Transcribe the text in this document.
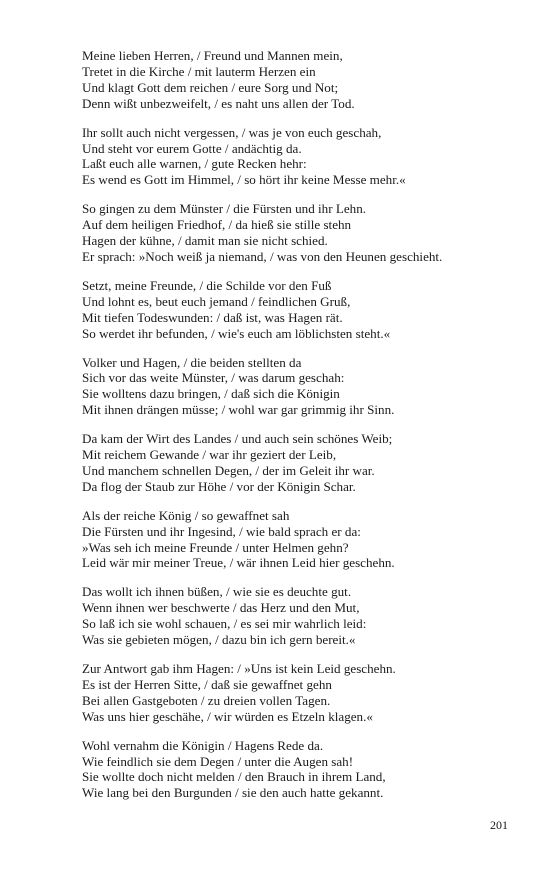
Meine lieben Herren, / Freund und Mannen mein,
Tretet in die Kirche / mit lauterm Herzen ein
Und klagt Gott dem reichen / eure Sorg und Not;
Denn wißt unbezweifelt, / es naht uns allen der Tod.
Ihr sollt auch nicht vergessen, / was je von euch geschah,
Und steht vor eurem Gotte / andächtig da.
Laßt euch alle warnen, / gute Recken hehr:
Es wend es Gott im Himmel, / so hört ihr keine Messe mehr.«
So gingen zu dem Münster / die Fürsten und ihr Lehn.
Auf dem heiligen Friedhof, / da hieß sie stille stehn
Hagen der kühne, / damit man sie nicht schied.
Er sprach: »Noch weiß ja niemand, / was von den Heunen geschieht.
Setzt, meine Freunde, / die Schilde vor den Fuß
Und lohnt es, beut euch jemand / feindlichen Gruß,
Mit tiefen Todeswunden: / daß ist, was Hagen rät.
So werdet ihr befunden, / wie's euch am löblichsten steht.«
Volker und Hagen, / die beiden stellten da
Sich vor das weite Münster, / was darum geschah:
Sie wolltens dazu bringen, / daß sich die Königin
Mit ihnen drängen müsse; / wohl war gar grimmig ihr Sinn.
Da kam der Wirt des Landes / und auch sein schönes Weib;
Mit reichem Gewande / war ihr geziert der Leib,
Und manchem schnellen Degen, / der im Geleit ihr war.
Da flog der Staub zur Höhe / vor der Königin Schar.
Als der reiche König / so gewaffnet sah
Die Fürsten und ihr Ingesind, / wie bald sprach er da:
»Was seh ich meine Freunde / unter Helmen gehn?
Leid wär mir meiner Treue, / wär ihnen Leid hier geschehn.
Das wollt ich ihnen büßen, / wie sie es deuchte gut.
Wenn ihnen wer beschwerte / das Herz und den Mut,
So laß ich sie wohl schauen, / es sei mir wahrlich leid:
Was sie gebieten mögen, / dazu bin ich gern bereit.«
Zur Antwort gab ihm Hagen: / »Uns ist kein Leid geschehn.
Es ist der Herren Sitte, / daß sie gewaffnet gehn
Bei allen Gastgeboten / zu dreien vollen Tagen.
Was uns hier geschähe, / wir würden es Etzeln klagen.«
Wohl vernahm die Königin / Hagens Rede da.
Wie feindlich sie dem Degen / unter die Augen sah!
Sie wollte doch nicht melden / den Brauch in ihrem Land,
Wie lang bei den Burgunden / sie den auch hatte gekannt.
201
